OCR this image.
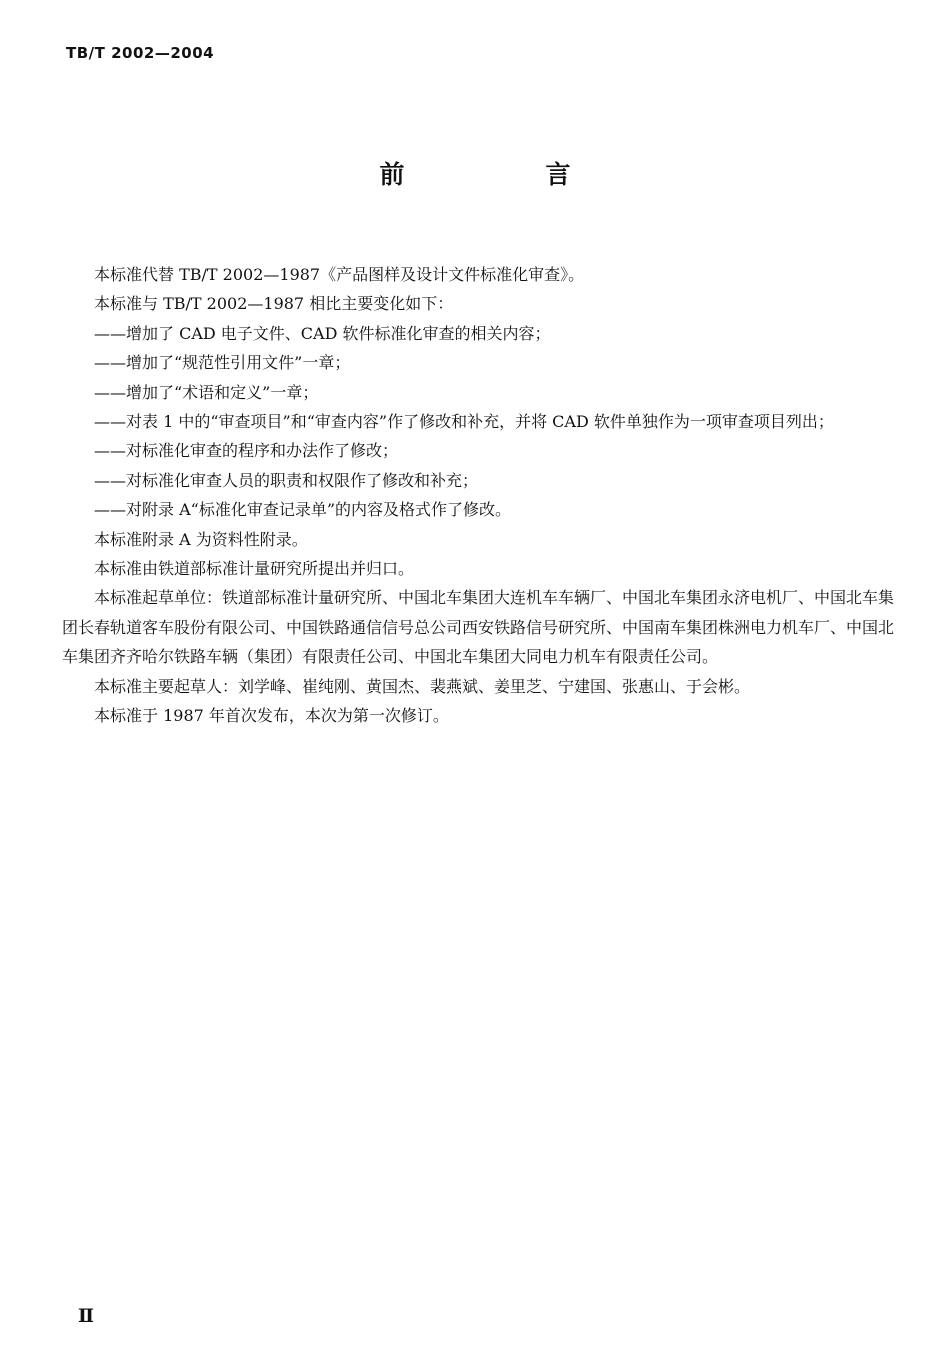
TB/T 2002—2004
前　言

本标准代替 TB/T 2002—1987《产品图样及设计文件标准化审查》。

本标准与 TB/T 2002—1987 相比主要变化如下：

——增加了 CAD 电子文件、CAD 软件标准化审查的相关内容；

——增加了“规范性引用文件”一章；

——增加了“术语和定义”一章；

——对表 1 中的“审查项目”和“审查内容”作了修改和补充，并将 CAD 软件单独作为一项审查项目列出；

——对标准化审查的程序和办法作了修改；

——对标准化审查人员的职责和权限作了修改和补充；

——对附录 A“标准化审查记录单”的内容及格式作了修改。

本标准附录 A 为资料性附录。

本标准由铁道部标准计量研究所提出并归口。

本标准起草单位：铁道部标准计量研究所、中国北车集团大连机车车辆厂、中国北车集团永济电机厂、中国北车集团长春轨道客车股份有限公司、中国铁路通信信号总公司西安铁路信号研究所、中国南车集团株洲电力机车厂、中国北车集团齐齐哈尔铁路车辆（集团）有限责任公司、中国北车集团大同电力机车有限责任公司。

本标准主要起草人：刘学峰、崔纯刚、黄国杰、裴燕斌、姜里芝、宁建国、张惠山、于会彬。

本标准于 1987 年首次发布，本次为第一次修订。

Ⅱ
